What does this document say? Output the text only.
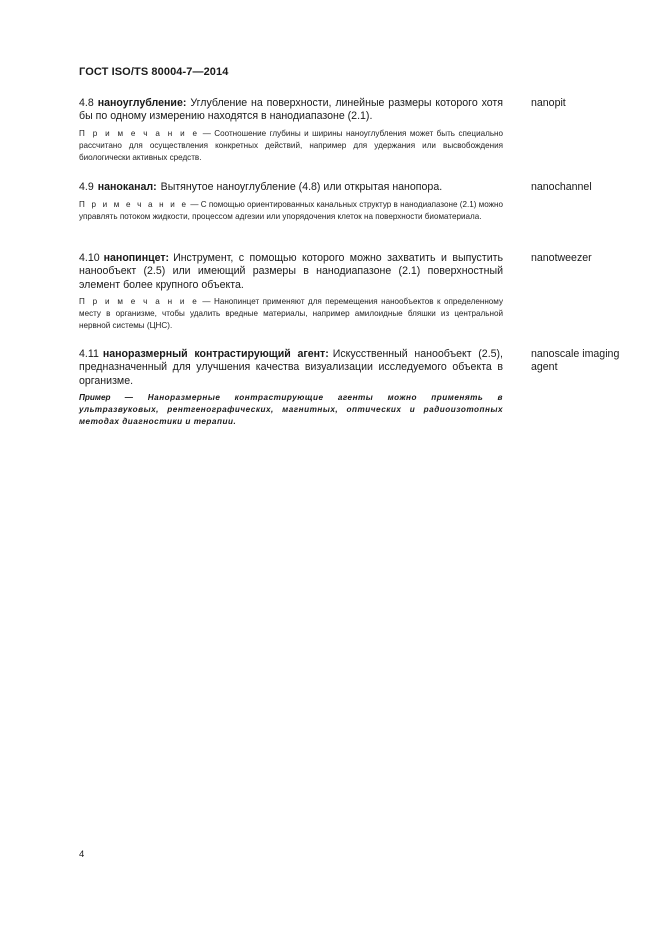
ГОСТ ISO/TS 80004-7—2014
4.8 наноуглубление: Углубление на поверхности, линейные размеры которого хотя бы по одному измерению находятся в нанодиапазоне (2.1).
nanopit
П р и м е ч а н и е — Соотношение глубины и ширины наноуглубления может быть специально рассчитано для осуществления конкретных действий, например для удержания или высвобождения биологически активных средств.
4.9 наноканал: Вытянутое наноуглубление (4.8) или открытая нанопора.	nanochannel
П р и м е ч а н и е — С помощью ориентированных канальных структур в нанодиапазоне (2.1) можно управлять потоком жидкости, процессом адгезии или упорядочения клеток на поверхности биоматериала.
4.10 нанопинцет: Инструмент, с помощью которого можно захватить и выпустить нанообъект (2.5) или имеющий размеры в нанодиапазоне (2.1) поверхностный элемент более крупного объекта.
nanotweezer
П р и м е ч а н и е — Нанопинцет применяют для перемещения нанообъектов к определенному месту в организме, чтобы удалить вредные материалы, например амилоидные бляшки из центральной нервной системы (ЦНС).
4.11 наноразмерный контрастирующий агент: Искусственный нанообъект (2.5), предназначенный для улучшения качества визуализации исследуемого объекта в организме.
nanoscale imaging agent
Пример — Наноразмерные контрастирующие агенты можно применять в ультразвуковых, рентгенографических, магнитных, оптических и радиоизотопных методах диагностики и терапии.
4
